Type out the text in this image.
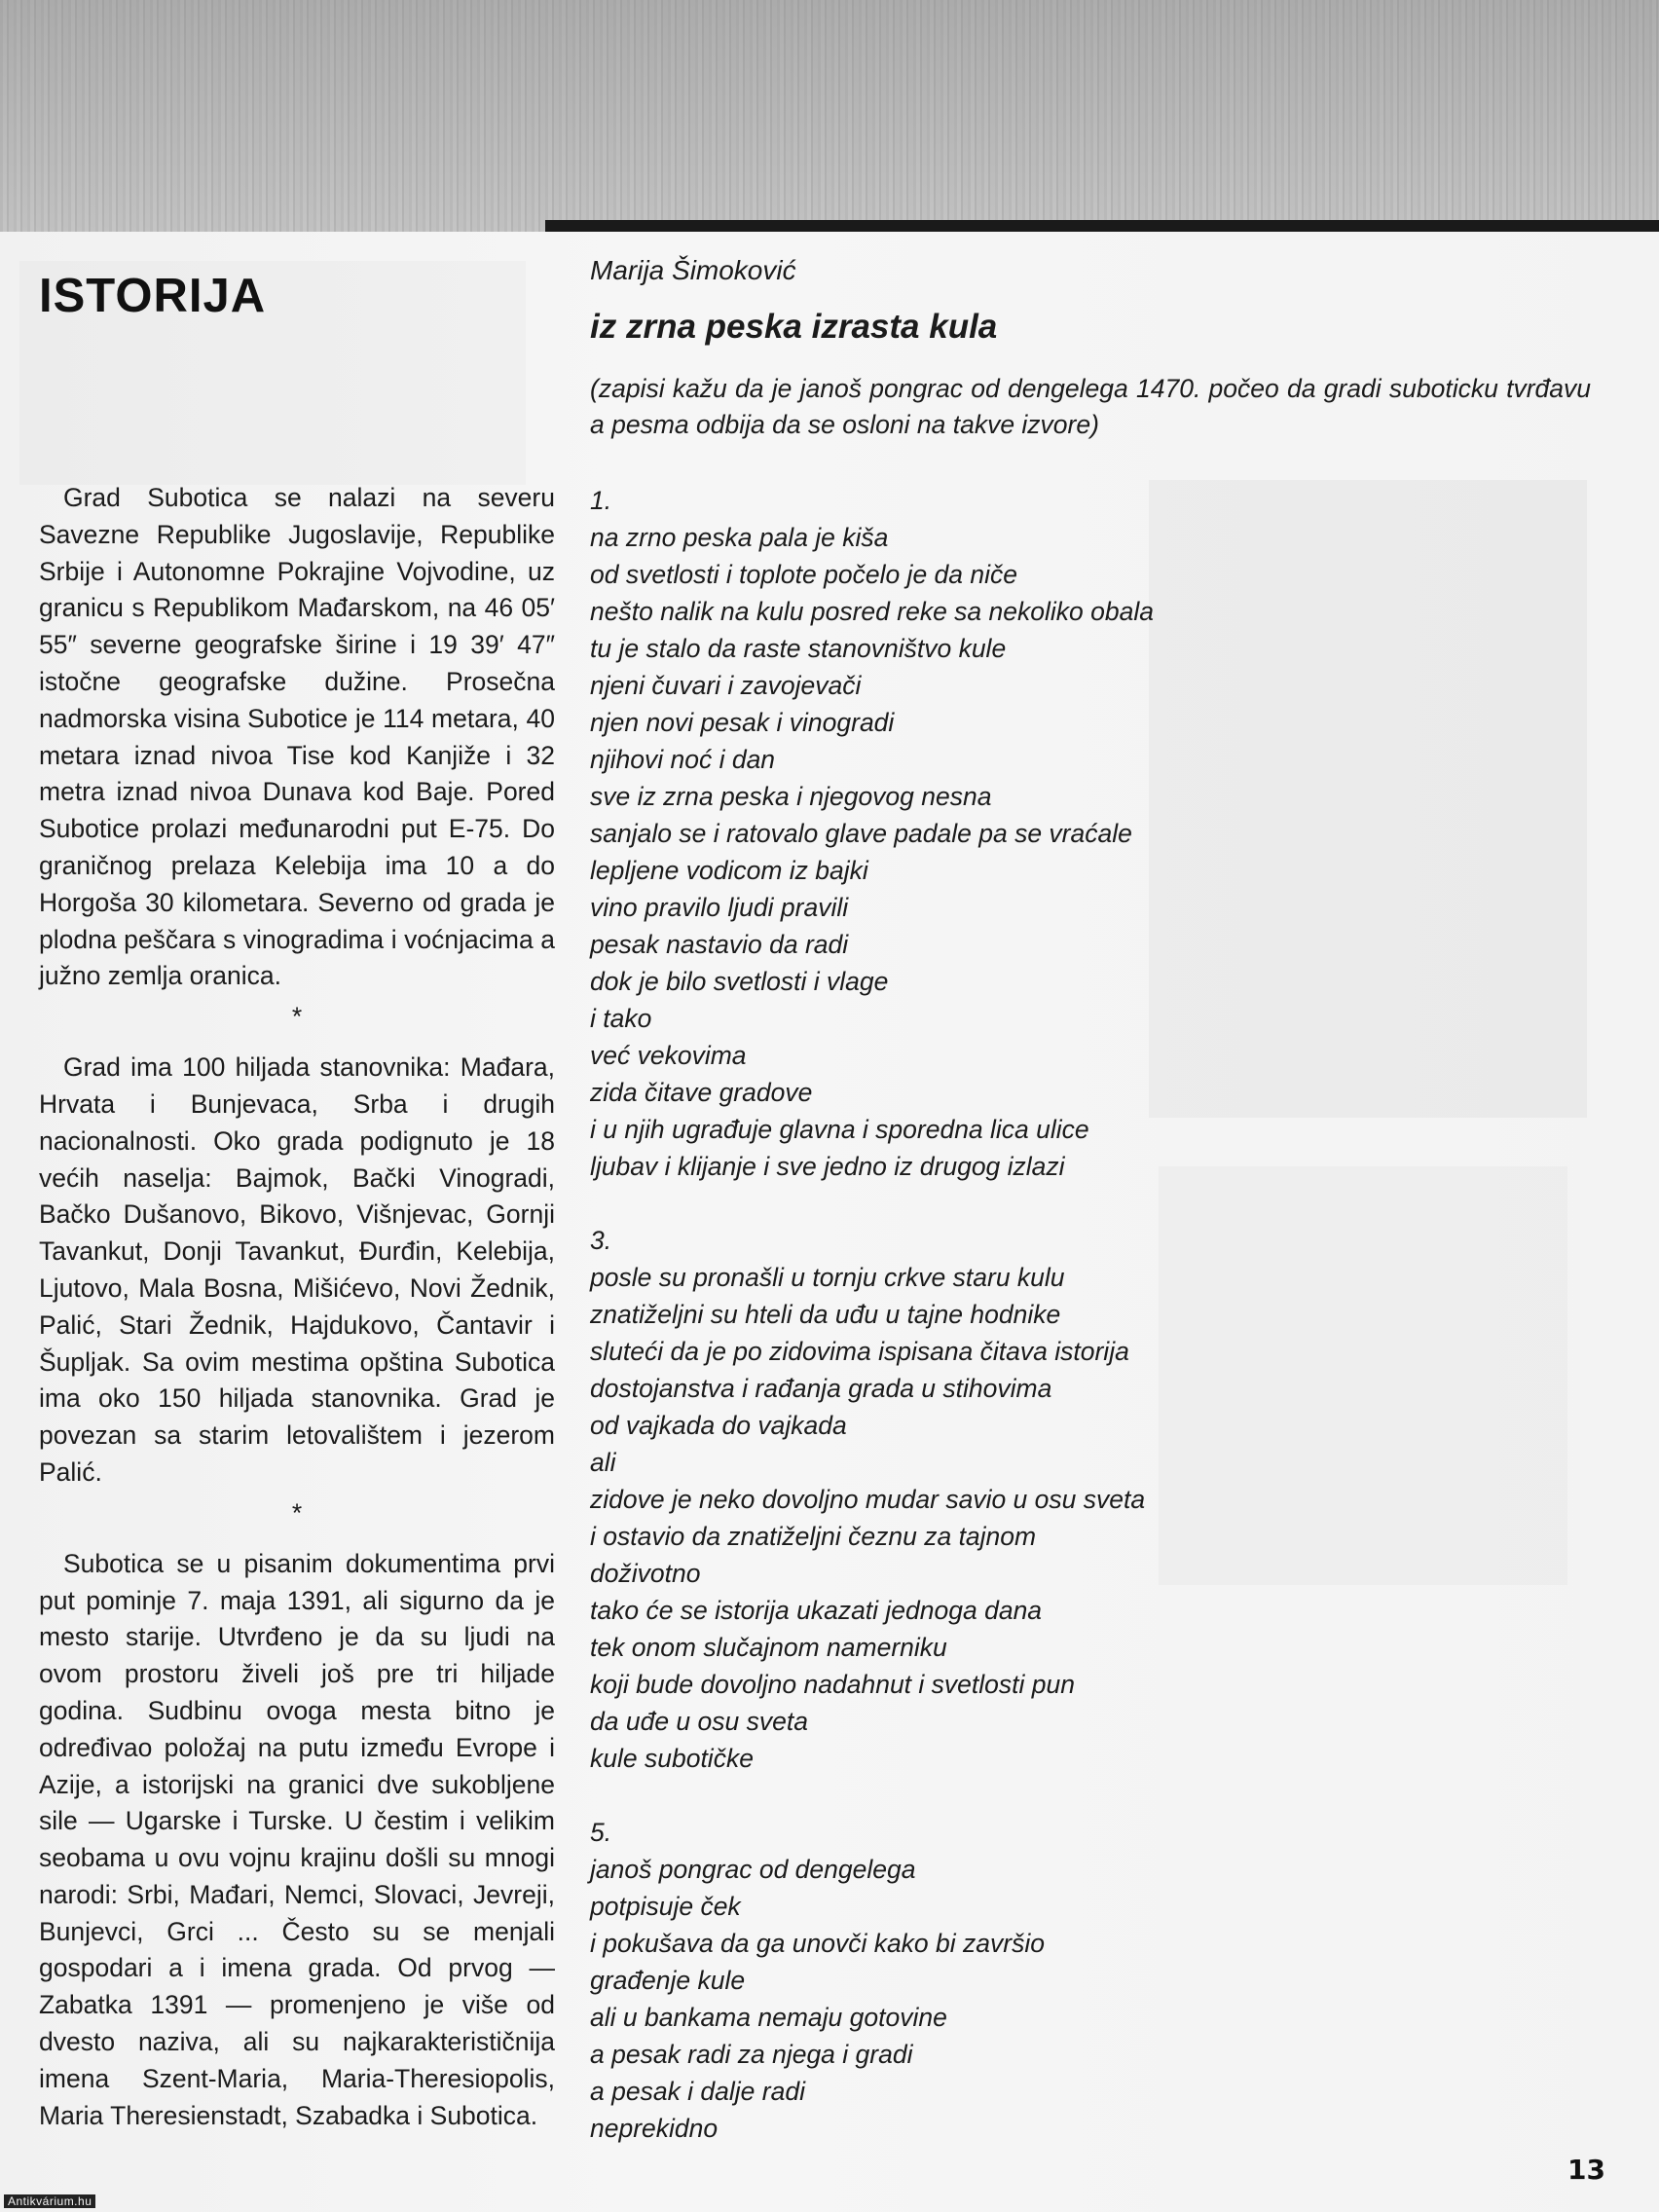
ISTORIJA

Grad Subotica se nalazi na severu Savezne Republike Jugoslavije, Republike Srbije i Autonomne Pokrajine Vojvodine, uz granicu s Republikom Mađarskom, na 46 05′ 55″ severne geografske širine i 19 39′ 47″ istočne geografske dužine. Prosečna nadmorska visina Subotice je 114 metara, 40 metara iznad nivoa Tise kod Kanjiže i 32 metra iznad nivoa Dunava kod Baje. Pored Subotice prolazi međunarodni put E-75. Do graničnog prelaza Kelebija ima 10 a do Horgoša 30 kilometara. Severno od grada je plodna peščara s vinogradima i voćnjacima a južno zemlja oranica.

*

Grad ima 100 hiljada stanovnika: Mađara, Hrvata i Bunjevaca, Srba i drugih nacionalnosti. Oko grada podignuto je 18 većih naselja: Bajmok, Bački Vinogradi, Bačko Dušanovo, Bikovo, Višnjevac, Gornji Tavankut, Donji Tavankut, Đurđin, Kelebija, Ljutovo, Mala Bosna, Mišićevo, Novi Žednik, Palić, Stari Žednik, Hajdukovo, Čantavir i Šupljak. Sa ovim mestima opština Subotica ima oko 150 hiljada stanovnika. Grad je povezan sa starim letovalištem i jezerom Palić.

*

Subotica se u pisanim dokumentima prvi put pominje 7. maja 1391, ali sigurno da je mesto starije. Utvrđeno je da su ljudi na ovom prostoru živeli još pre tri hiljade godina. Sudbinu ovoga mesta bitno je određivao položaj na putu između Evrope i Azije, a istorijski na granici dve sukobljene sile — Ugarske i Turske. U čestim i velikim seobama u ovu vojnu krajinu došli su mnogi narodi: Srbi, Mađari, Nemci, Slovaci, Jevreji, Bunjevci, Grci ... Često su se menjali gospodari a i imena grada. Od prvog — Zabatka 1391 — promenjeno je više od dvesto naziva, ali su najkarakterističnija imena Szent-Maria, Maria-Theresiopolis, Maria Theresienstadt, Szabadka i Subotica.

Marija Šimoković

iz zrna peska izrasta kula

(zapisi kažu da je janoš pongrac od dengelega 1470. počeo da gradi suboticku tvrđavu a pesma odbija da se osloni na takve izvore)

1.

na zrno peska pala je kiša

od svetlosti i toplote počelo je da niče

nešto nalik na kulu posred reke sa nekoliko obala

tu je stalo da raste stanovništvo kule

njeni čuvari i zavojevači

njen novi pesak i vinogradi

njihovi noć i dan

sve iz zrna peska i njegovog nesna

sanjalo se i ratovalo glave padale pa se vraćale

lepljene vodicom iz bajki

vino pravilo ljudi pravili

pesak nastavio da radi

dok je bilo svetlosti i vlage

i tako

već vekovima

zida čitave gradove

i u njih ugrađuje glavna i sporedna lica ulice

ljubav i klijanje i sve jedno iz drugog izlazi

3.

posle su pronašli u tornju crkve staru kulu

znatiželjni su hteli da uđu u tajne hodnike

slutеći da je po zidovima ispisana čitava istorija

dostojanstva i rađanja grada u stihovima

od vajkada do vajkada

ali

zidove je neko dovoljno mudar savio u osu sveta

i ostavio da znatiželjni čeznu za tajnom

doživotno

tako će se istorija ukazati jednoga dana

tek onom slučajnom namerniku

koji bude dovoljno nadahnut i svetlosti pun

da uđe u osu sveta

kule subotičke

5.

janoš pongrac od dengelega

potpisuje ček

i pokušava da ga unovči kako bi završio

građenje kule

ali u bankama nemaju gotovine

a pesak radi za njega i gradi

a pesak i dalje radi

neprekidno

13
Antikvárium.hu
